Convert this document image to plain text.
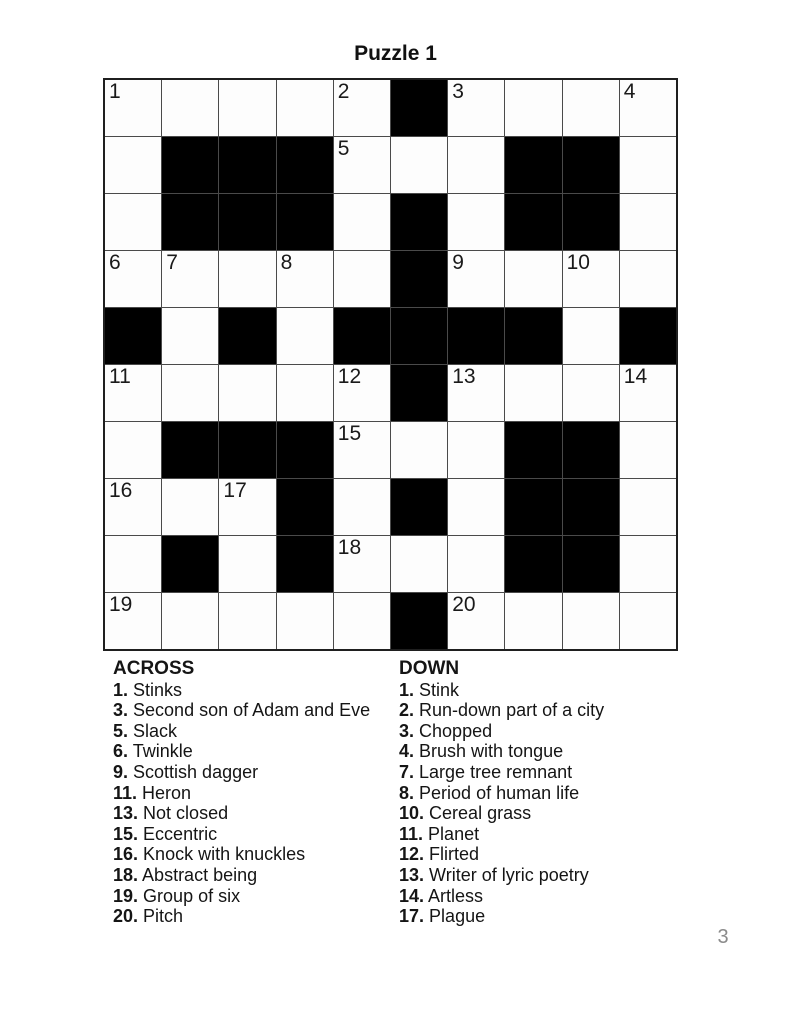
Puzzle 1
1	2	3	4
5
6 7	8	9	10
11	12	13	14
15
16	17
18
19	20
ACROSS
1. Stinks
3. Second son of Adam and Eve
5. Slack
6. Twinkle
9. Scottish dagger
11. Heron
13. Not closed
15. Eccentric
16. Knock with knuckles
18. Abstract being
19. Group of six
20. Pitch
DOWN
1. Stink
2. Run-down part of a city
3. Chopped
4. Brush with tongue
7. Large tree remnant
8. Period of human life
10. Cereal grass
11. Planet
12. Flirted
13. Writer of lyric poetry
14. Artless
17. Plague
3
